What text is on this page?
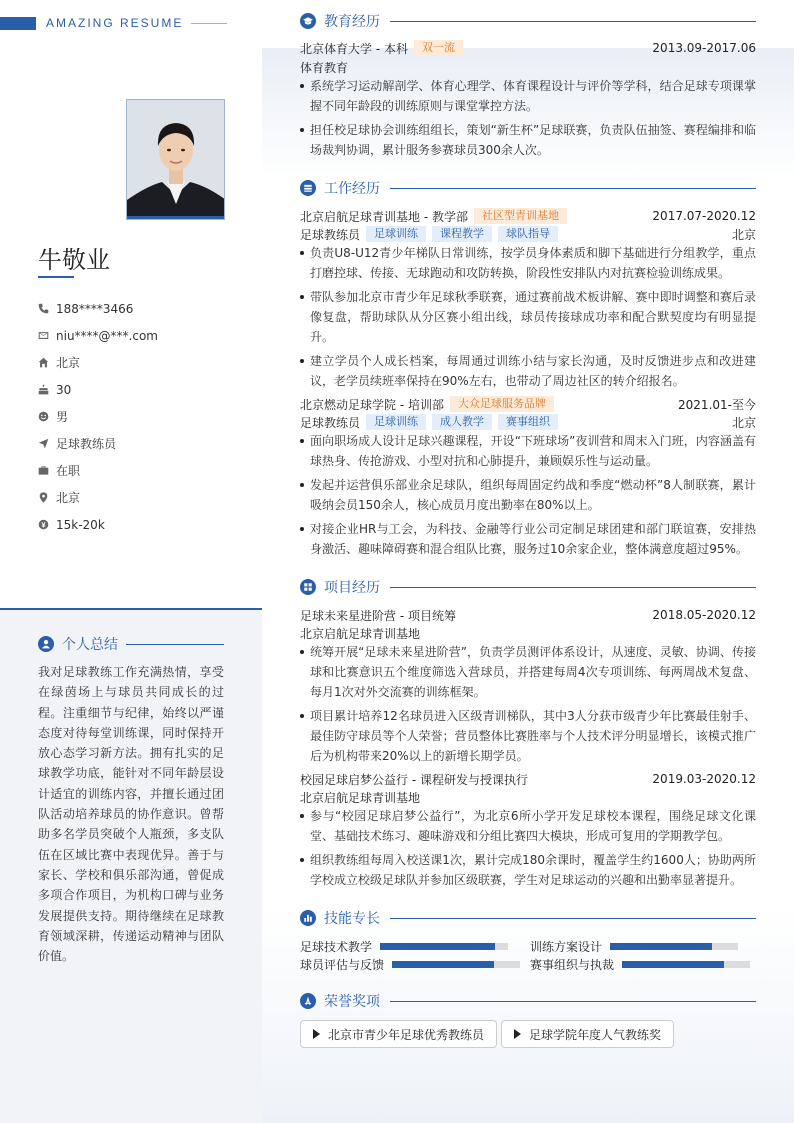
AMAZING RESUME
牛敬业
188****3466
niu****@***.com
北京
30
男
足球教练员
在职
北京
15k-20k
个人总结
我对足球教练工作充满热情，享受在绿茵场上与球员共同成长的过程。注重细节与纪律，始终以严谨态度对待每堂训练课，同时保持开放心态学习新方法。拥有扎实的足球教学功底，能针对不同年龄层设计适宜的训练内容，并擅长通过团队活动培养球员的协作意识。曾帮助多名学员突破个人瓶颈，多支队伍在区域比赛中表现优异。善于与家长、学校和俱乐部沟通，曾促成多项合作项目，为机构口碑与业务发展提供支持。期待继续在足球教育领域深耕，传递运动精神与团队价值。
教育经历
北京体育大学 - 本科	双一流	2013.09-2017.06
体育教育
系统学习运动解剖学、体育心理学、体育课程设计与评价等学科，结合足球专项课掌握不同年龄段的训练原则与课堂掌控方法。
担任校足球协会训练组组长，策划“新生杯”足球联赛，负责队伍抽签、赛程编排和临场裁判协调，累计服务参赛球员300余人次。
工作经历
北京启航足球青训基地 - 教学部	社区型青训基地	2017.07-2020.12
足球教练员	足球训练	课程教学	球队指导	北京
负责U8-U12青少年梯队日常训练，按学员身体素质和脚下基础进行分组教学，重点打磨控球、传接、无球跑动和攻防转换，阶段性安排队内对抗赛检验训练成果。
带队参加北京市青少年足球秋季联赛，通过赛前战术板讲解、赛中即时调整和赛后录像复盘，帮助球队从分区赛小组出线，球员传接球成功率和配合默契度均有明显提升。
建立学员个人成长档案，每周通过训练小结与家长沟通，及时反馈进步点和改进建议，老学员续班率保持在90%左右，也带动了周边社区的转介绍报名。
北京燃动足球学院 - 培训部	大众足球服务品牌	2021.01-至今
足球教练员	足球训练	成人教学	赛事组织	北京
面向职场成人设计足球兴趣课程，开设“下班球场”夜训营和周末入门班，内容涵盖有球热身、传抢游戏、小型对抗和心肺提升，兼顾娱乐性与运动量。
发起并运营俱乐部业余足球队，组织每周固定约战和季度“燃动杯”8人制联赛，累计吸纳会员150余人，核心成员月度出勤率在80%以上。
对接企业HR与工会，为科技、金融等行业公司定制足球团建和部门联谊赛，安排热身激活、趣味障碍赛和混合组队比赛，服务过10余家企业，整体满意度超过95%。
项目经历
足球未来星进阶营 - 项目统筹	2018.05-2020.12
北京启航足球青训基地
统筹开展“足球未来星进阶营”，负责学员测评体系设计，从速度、灵敏、协调、传接球和比赛意识五个维度筛选入营球员，并搭建每周4次专项训练、每两周战术复盘、每月1次对外交流赛的训练框架。
项目累计培养12名球员进入区级青训梯队，其中3人分获市级青少年比赛最佳射手、最佳防守球员等个人荣誉；营员整体比赛胜率与个人技术评分明显增长，该模式推广后为机构带来20%以上的新增长期学员。
校园足球启梦公益行 - 课程研发与授课执行	2019.03-2020.12
北京启航足球青训基地
参与“校园足球启梦公益行”，为北京6所小学开发足球校本课程，围绕足球文化课堂、基础技术练习、趣味游戏和分组比赛四大模块，形成可复用的学期教学包。
组织教练组每周入校送课1次，累计完成180余课时，覆盖学生约1600人；协助两所学校成立校级足球队并参加区级联赛，学生对足球运动的兴趣和出勤率显著提升。
技能专长
足球技术教学	训练方案设计
球员评估与反馈	赛事组织与执裁
荣誉奖项
北京市青少年足球优秀教练员	足球学院年度人气教练奖
